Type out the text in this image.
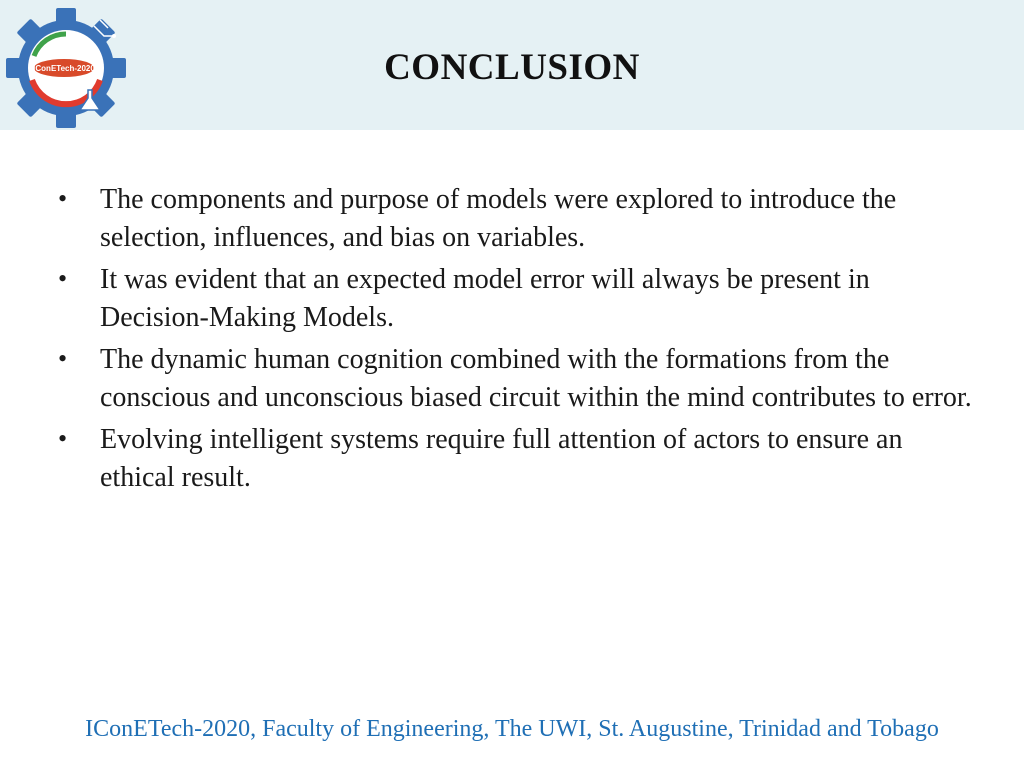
IConETech-2020	CONCLUSION
• The components and purpose of models were explored to introduce the selection, influences, and bias on variables.
• It was evident that an expected model error will always be present in Decision-Making Models.
• The dynamic human cognition combined with the formations from the conscious and unconscious biased circuit within the mind contributes to error.
• Evolving intelligent systems require full attention of actors to ensure an ethical result.
IConETech-2020, Faculty of Engineering, The UWI, St. Augustine, Trinidad and Tobago
